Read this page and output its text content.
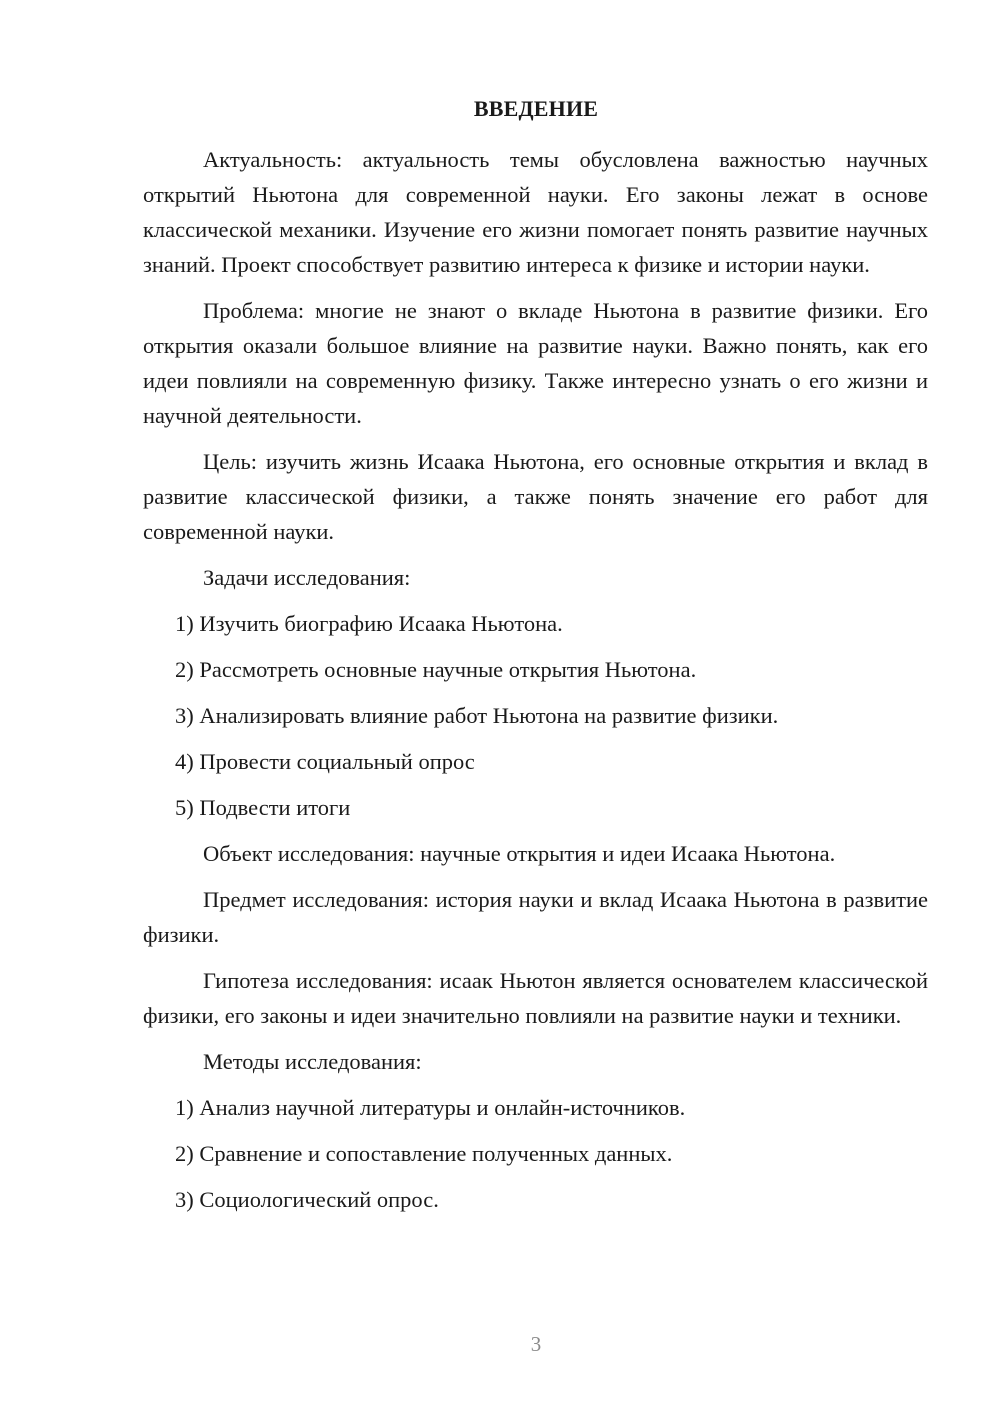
ВВЕДЕНИЕ

Актуальность: актуальность темы обусловлена важностью научных открытий Ньютона для современной науки. Его законы лежат в основе классической механики. Изучение его жизни помогает понять развитие научных знаний. Проект способствует развитию интереса к физике и истории науки.

Проблема: многие не знают о вкладе Ньютона в развитие физики. Его открытия оказали большое влияние на развитие науки. Важно понять, как его идеи повлияли на современную физику. Также интересно узнать о его жизни и научной деятельности.

Цель: изучить жизнь Исаака Ньютона, его основные открытия и вклад в развитие классической физики, а также понять значение его работ для современной науки.

Задачи исследования:

1) Изучить биографию Исаака Ньютона.

2) Рассмотреть основные научные открытия Ньютона.

3) Анализировать влияние работ Ньютона на развитие физики.

4) Провести социальный опрос

5) Подвести итоги

Объект исследования: научные открытия и идеи Исаака Ньютона.

Предмет исследования: история науки и вклад Исаака Ньютона в развитие физики.

Гипотеза исследования: исаак Ньютон является основателем классической физики, его законы и идеи значительно повлияли на развитие науки и техники.

Методы исследования:

1) Анализ научной литературы и онлайн-источников.

2) Сравнение и сопоставление полученных данных.

3) Социологический опрос.

3
